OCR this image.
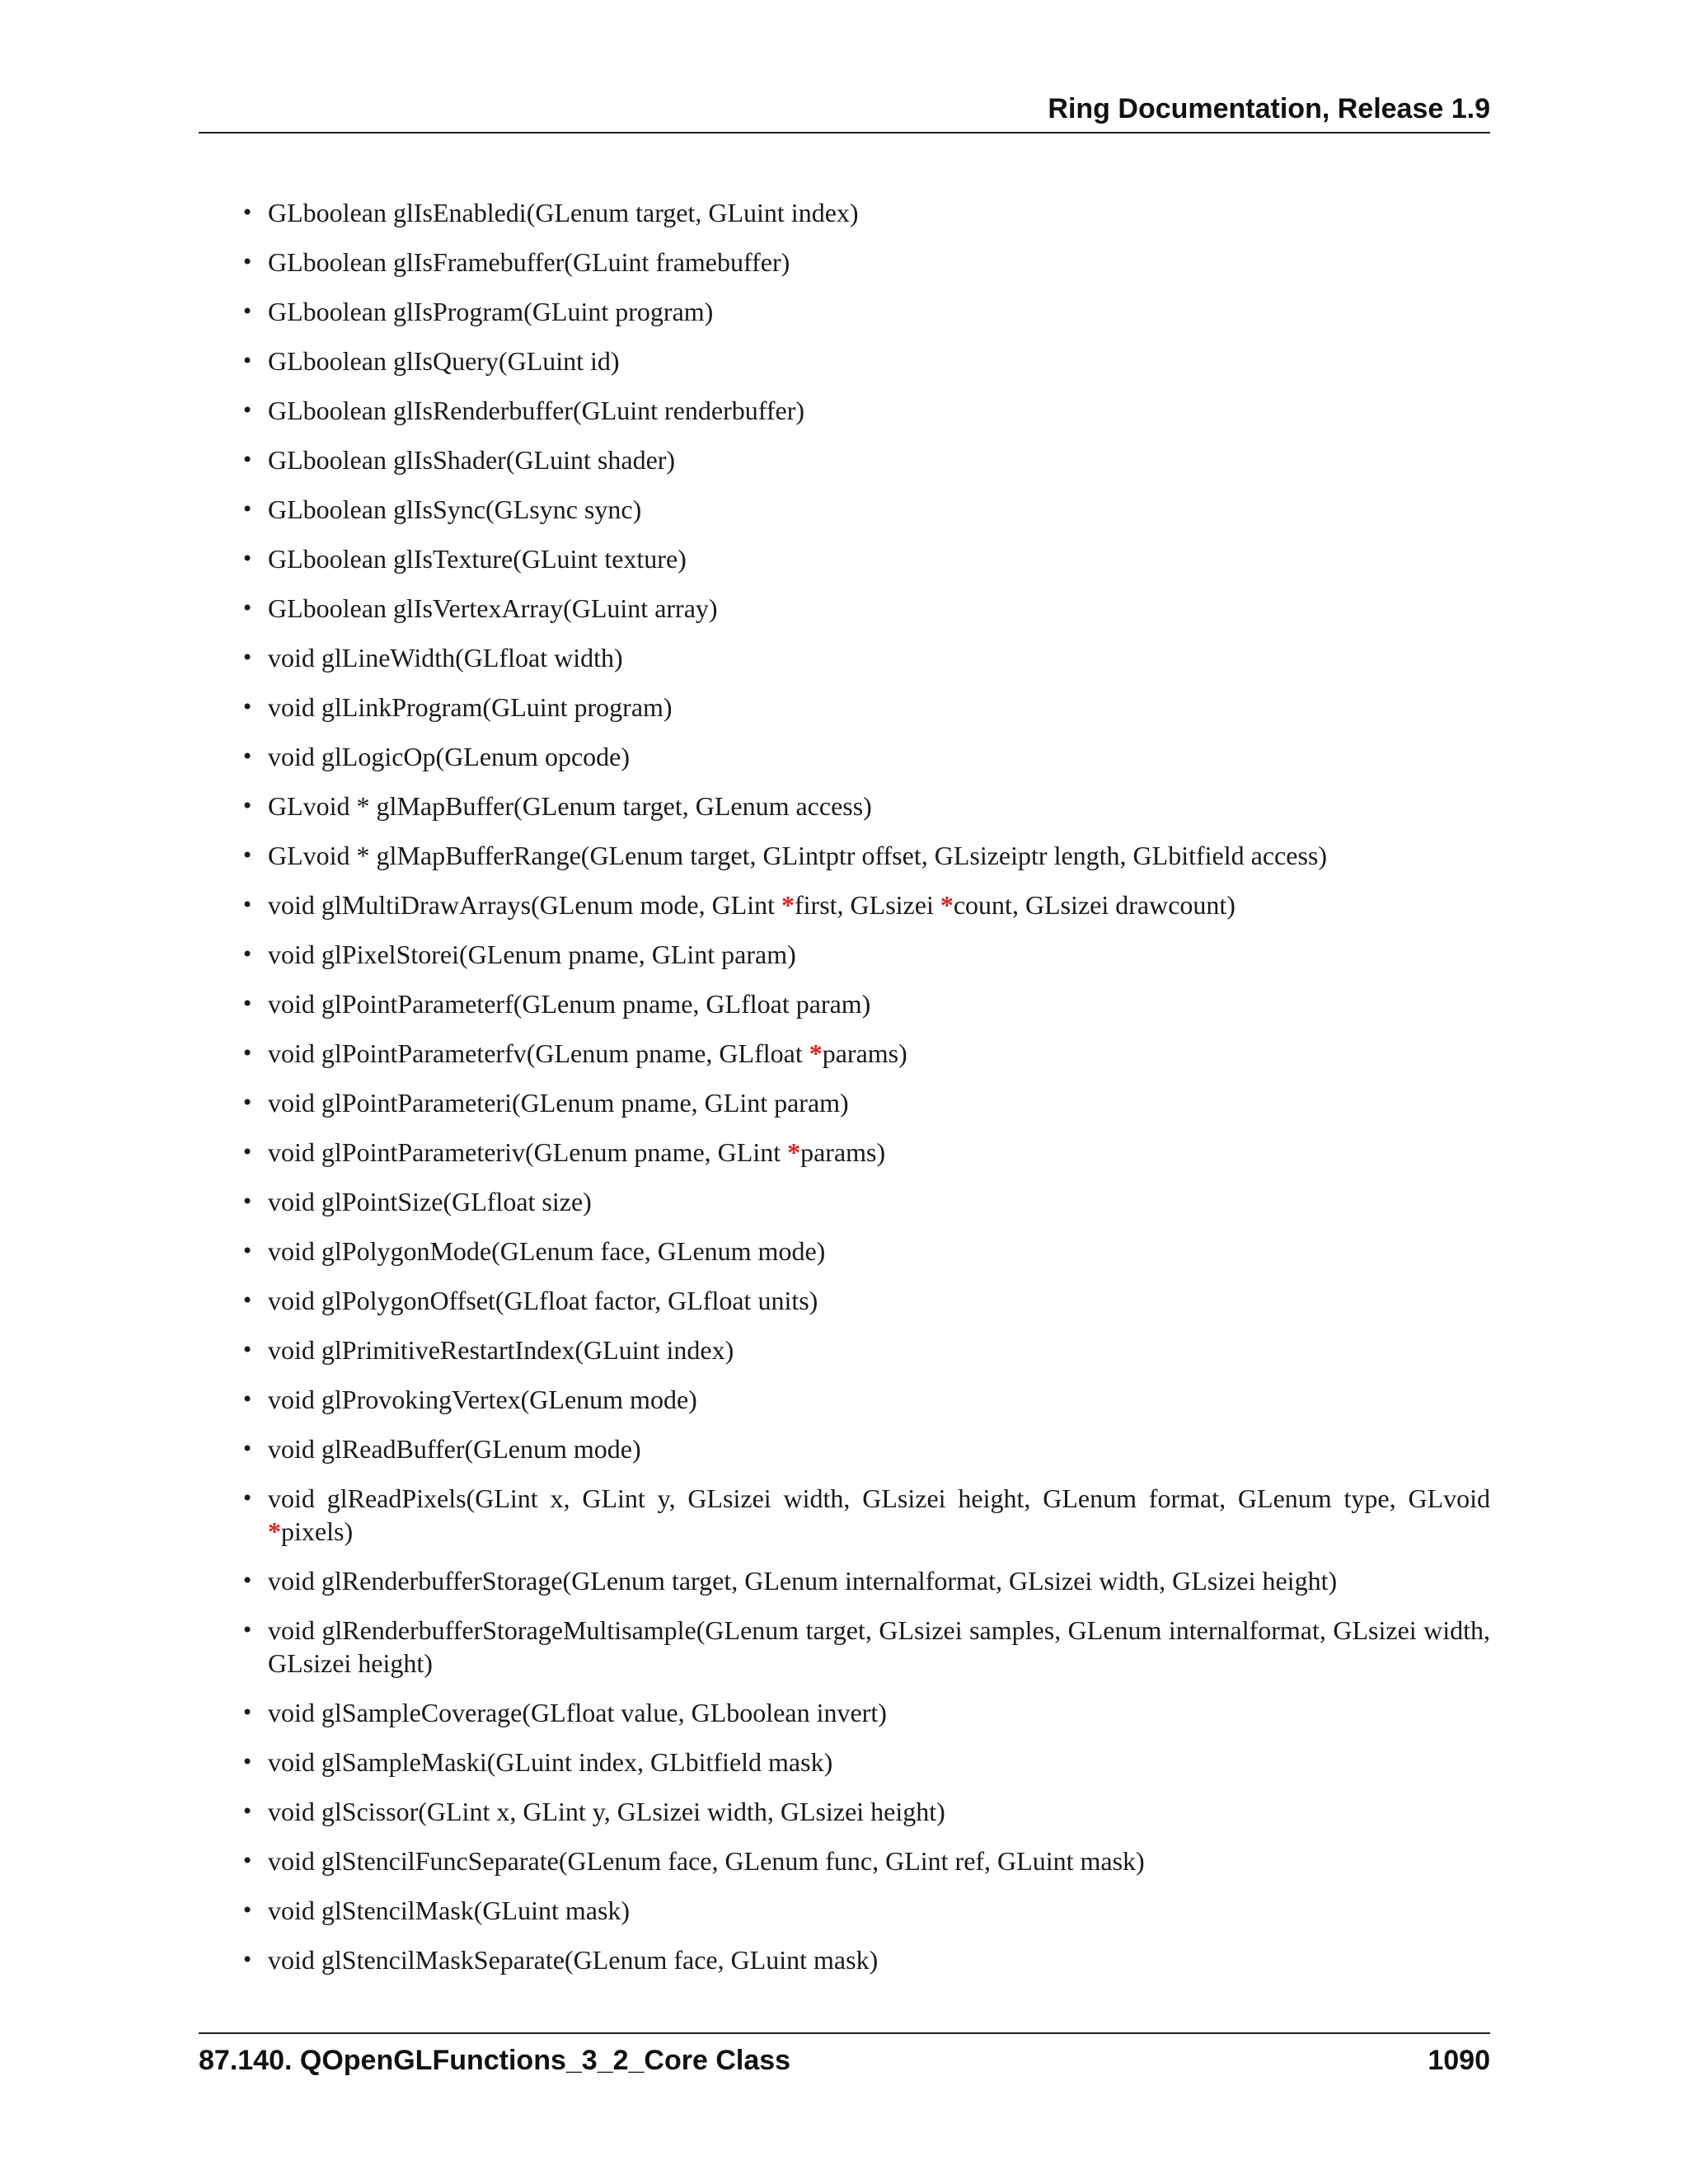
Ring Documentation, Release 1.9
• GLboolean glIsEnabledi(GLenum target, GLuint index)
• GLboolean glIsFramebuffer(GLuint framebuffer)
• GLboolean glIsProgram(GLuint program)
• GLboolean glIsQuery(GLuint id)
• GLboolean glIsRenderbuffer(GLuint renderbuffer)
• GLboolean glIsShader(GLuint shader)
• GLboolean glIsSync(GLsync sync)
• GLboolean glIsTexture(GLuint texture)
• GLboolean glIsVertexArray(GLuint array)
• void glLineWidth(GLfloat width)
• void glLinkProgram(GLuint program)
• void glLogicOp(GLenum opcode)
• GLvoid * glMapBuffer(GLenum target, GLenum access)
• GLvoid * glMapBufferRange(GLenum target, GLintptr offset, GLsizeiptr length, GLbitfield access)
• void glMultiDrawArrays(GLenum mode, GLint *first, GLsizei *count, GLsizei drawcount)
• void glPixelStorei(GLenum pname, GLint param)
• void glPointParameterf(GLenum pname, GLfloat param)
• void glPointParameterfv(GLenum pname, GLfloat *params)
• void glPointParameteri(GLenum pname, GLint param)
• void glPointParameteriv(GLenum pname, GLint *params)
• void glPointSize(GLfloat size)
• void glPolygonMode(GLenum face, GLenum mode)
• void glPolygonOffset(GLfloat factor, GLfloat units)
• void glPrimitiveRestartIndex(GLuint index)
• void glProvokingVertex(GLenum mode)
• void glReadBuffer(GLenum mode)
• void glReadPixels(GLint x, GLint y, GLsizei width, GLsizei height, GLenum format, GLenum type, GLvoid *pixels)
• void glRenderbufferStorage(GLenum target, GLenum internalformat, GLsizei width, GLsizei height)
• void glRenderbufferStorageMultisample(GLenum target, GLsizei samples, GLenum internalformat, GLsizei width, GLsizei height)
• void glSampleCoverage(GLfloat value, GLboolean invert)
• void glSampleMaski(GLuint index, GLbitfield mask)
• void glScissor(GLint x, GLint y, GLsizei width, GLsizei height)
• void glStencilFuncSeparate(GLenum face, GLenum func, GLint ref, GLuint mask)
• void glStencilMask(GLuint mask)
• void glStencilMaskSeparate(GLenum face, GLuint mask)
87.140. QOpenGLFunctions_3_2_Core Class	1090
